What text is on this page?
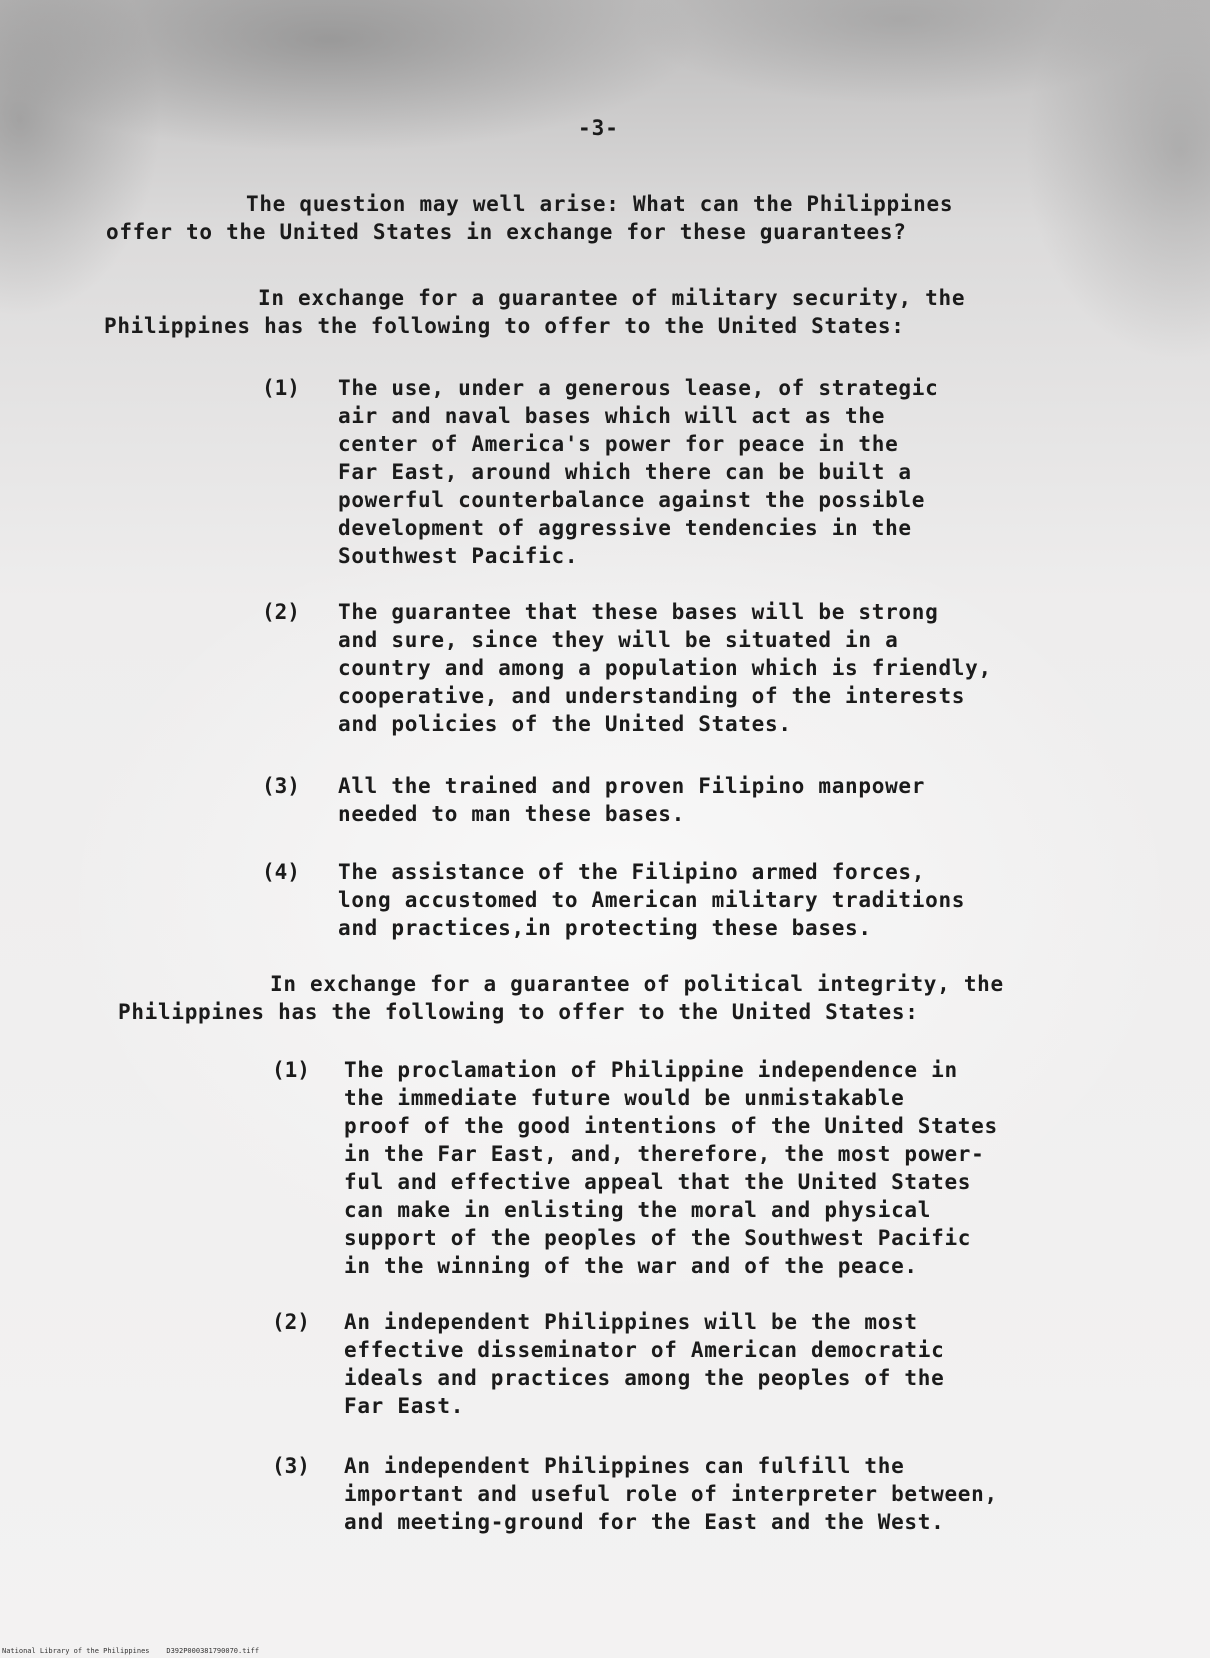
-3-
The question may well arise: What can the Philippines
offer to the United States in exchange for these guarantees?
In exchange for a guarantee of military security, the
Philippines has the following to offer to the United States:
(1) The use, under a generous lease, of strategic
air and naval bases which will act as the
center of America's power for peace in the
Far East, around which there can be built a
powerful counterbalance against the possible
development of aggressive tendencies in the
Southwest Pacific.
(2) The guarantee that these bases will be strong
and sure, since they will be situated in a
country and among a population which is friendly,
cooperative, and understanding of the interests
and policies of the United States.
(3) All the trained and proven Filipino manpower
needed to man these bases.
(4) The assistance of the Filipino armed forces,
long accustomed to American military traditions
and practices,in protecting these bases.
In exchange for a guarantee of political integrity, the
Philippines has the following to offer to the United States:
(1) The proclamation of Philippine independence in
the immediate future would be unmistakable
proof of the good intentions of the United States
in the Far East, and, therefore, the most power-
ful and effective appeal that the United States
can make in enlisting the moral and physical
support of the peoples of the Southwest Pacific
in the winning of the war and of the peace.
(2) An independent Philippines will be the most
effective disseminator of American democratic
ideals and practices among the peoples of the
Far East.
(3) An independent Philippines can fulfill the
important and useful role of interpreter between,
and meeting-ground for the East and the West.
National Library of the Philippines    D392P000381790070.tiff
